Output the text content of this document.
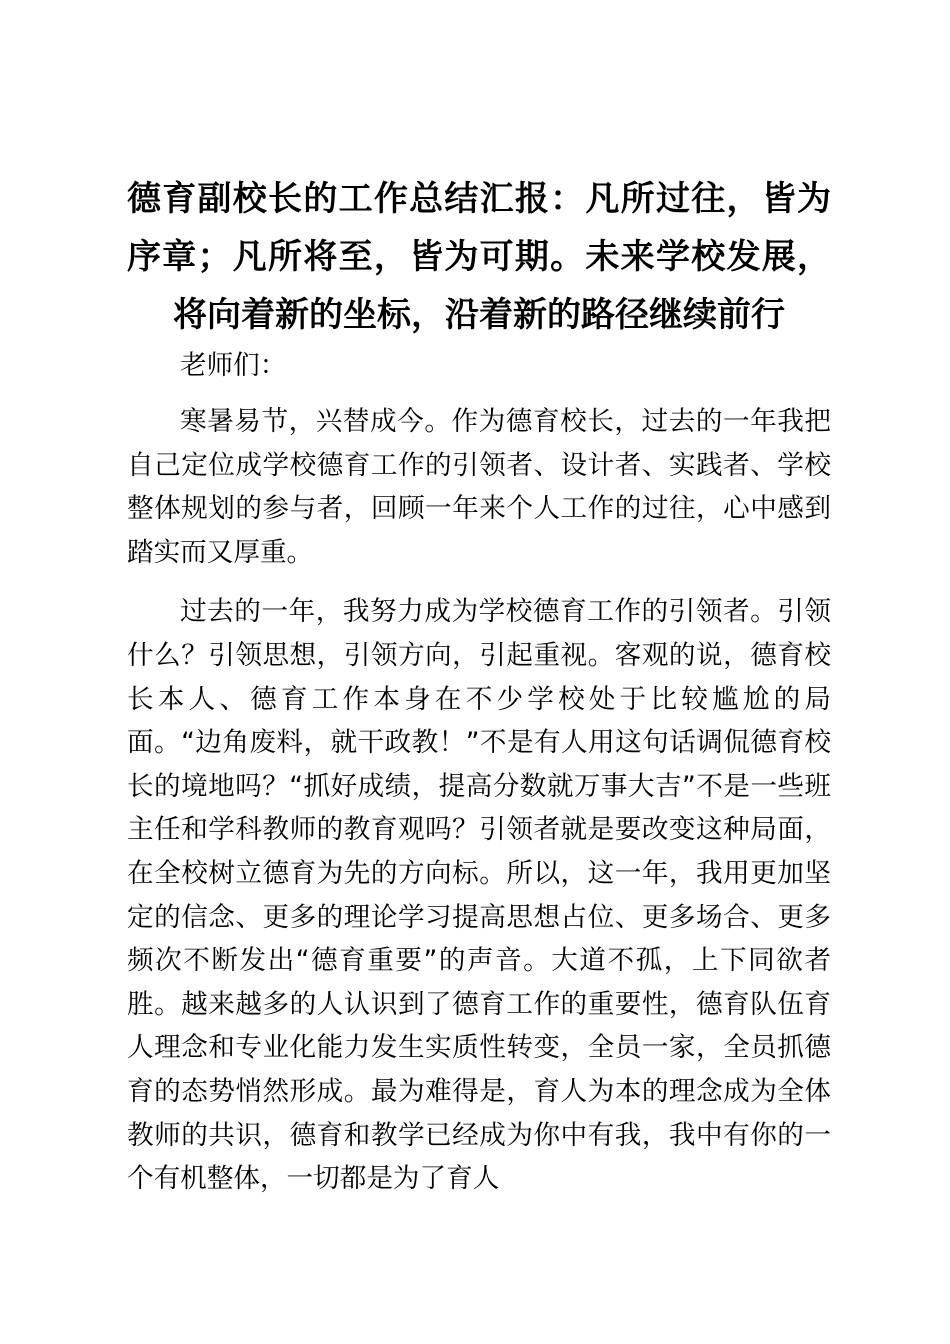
德育副校长的工作总结汇报：凡所过往，皆为序章；凡所将至，皆为可期。未来学校发展，将向着新的坐标，沿着新的路径继续前行

老师们：

寒暑易节，兴替成今。作为德育校长，过去的一年我把自己定位成学校德育工作的引领者、设计者、实践者、学校整体规划的参与者，回顾一年来个人工作的过往，心中感到踏实而又厚重。

过去的一年，我努力成为学校德育工作的引领者。引领什么？引领思想，引领方向，引起重视。客观的说，德育校长本人、德育工作本身在不少学校处于比较尴尬的局面。“边角废料，就干政教！”不是有人用这句话调侃德育校长的境地吗？“抓好成绩，提高分数就万事大吉”不是一些班主任和学科教师的教育观吗？引领者就是要改变这种局面，在全校树立德育为先的方向标。所以，这一年，我用更加坚定的信念、更多的理论学习提高思想占位、更多场合、更多频次不断发出“德育重要”的声音。大道不孤，上下同欲者胜。越来越多的人认识到了德育工作的重要性，德育队伍育人理念和专业化能力发生实质性转变，全员一家，全员抓德育的态势悄然形成。最为难得是，育人为本的理念成为全体教师的共识，德育和教学已经成为你中有我，我中有你的一个有机整体，一切都是为了育人
